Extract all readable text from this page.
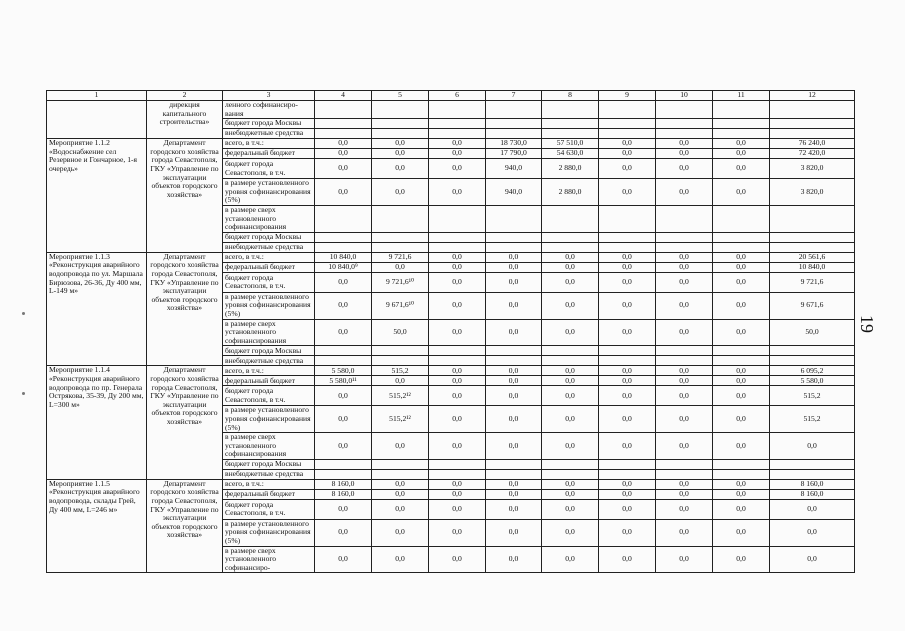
1	2	3	4	5	6	7	8	9	10	11	12
	дирекция капитального строительства»	ленного софинансиро-вания									
		бюджет города Москвы									
		внебюджетные средства									
Мероприятие 1.1.2 «Водоснабжение сел Резервное и Гончарное, 1-я очередь»	Департамент городского хозяйства города Севастополя, ГКУ «Управление по эксплуатации объектов городского хозяйства»	всего, в т.ч.:	0,0	0,0	0,0	18 730,0	57 510,0	0,0	0,0	0,0	76 240,0
		федеральный бюджет	0,0	0,0	0,0	17 790,0	54 630,0	0,0	0,0	0,0	72 420,0
		бюджет города Севастополя, в т.ч.	0,0	0,0	0,0	940,0	2 880,0	0,0	0,0	0,0	3 820,0
		в размере установленного уровня софинансирования (5%)	0,0	0,0	0,0	940,0	2 880,0	0,0	0,0	0,0	3 820,0
		в размере сверх установленного софинансирования									
		бюджет города Москвы									
		внебюджетные средства									
Мероприятие 1.1.3 «Реконструкция аварийного водопровода по ул. Маршала Бирюзова, 26-36, Ду 400 мм, L-149 м»	Департамент городского хозяйства города Севастополя, ГКУ «Управление по эксплуатации объектов городского хозяйства»	всего, в т.ч.:	10 840,0	9 721,6	0,0	0,0	0,0	0,0	0,0	0,0	20 561,6
		федеральный бюджет	10 840,0⁹	0,0	0,0	0,0	0,0	0,0	0,0	0,0	10 840,0
		бюджет города Севастополя, в т.ч.	0,0	9 721,6¹⁰	0,0	0,0	0,0	0,0	0,0	0,0	9 721,6
		в размере установленного уровня софинансирования (5%)	0,0	9 671,6¹⁰	0,0	0,0	0,0	0,0	0,0	0,0	9 671,6
		в размере сверх установленного софинансирования	0,0	50,0	0,0	0,0	0,0	0,0	0,0	0,0	50,0
		бюджет города Москвы									
		внебюджетные средства									
Мероприятие 1.1.4 «Реконструкция аварийного водопровода по пр. Генерала Острякова, 35-39, Ду 200 мм, L=300 м»	Департамент городского хозяйства города Севастополя, ГКУ «Управление по эксплуатации объектов городского хозяйства»	всего, в т.ч.:	5 580,0	515,2	0,0	0,0	0,0	0,0	0,0	0,0	6 095,2
		федеральный бюджет	5 580,0¹¹	0,0	0,0	0,0	0,0	0,0	0,0	0,0	5 580,0
		бюджет города Севастополя, в т.ч.	0,0	515,2¹²	0,0	0,0	0,0	0,0	0,0	0,0	515,2
		в размере установленного уровня софинансирования (5%)	0,0	515,2¹²	0,0	0,0	0,0	0,0	0,0	0,0	515,2
		в размере сверх установленного софинансирования	0,0	0,0	0,0	0,0	0,0	0,0	0,0	0,0	0,0
		бюджет города Москвы									
		внебюджетные средства									
Мероприятие 1.1.5 «Реконструкция аварийного водопровода, склады Грей, Ду 400 мм, L=246 м»	Департамент городского хозяйства города Севастополя, ГКУ «Управление по эксплуатации объектов городского хозяйства»	всего, в т.ч.:	8 160,0	0,0	0,0	0,0	0,0	0,0	0,0	0,0	8 160,0
		федеральный бюджет	8 160,0	0,0	0,0	0,0	0,0	0,0	0,0	0,0	8 160,0
		бюджет города Севастополя, в т.ч.	0,0	0,0	0,0	0,0	0,0	0,0	0,0	0,0	0,0
		в размере установленного уровня софинансирования (5%)	0,0	0,0	0,0	0,0	0,0	0,0	0,0	0,0	0,0
		в размере сверх установленного софинансиро-	0,0	0,0	0,0	0,0	0,0	0,0	0,0	0,0	0,0
19
